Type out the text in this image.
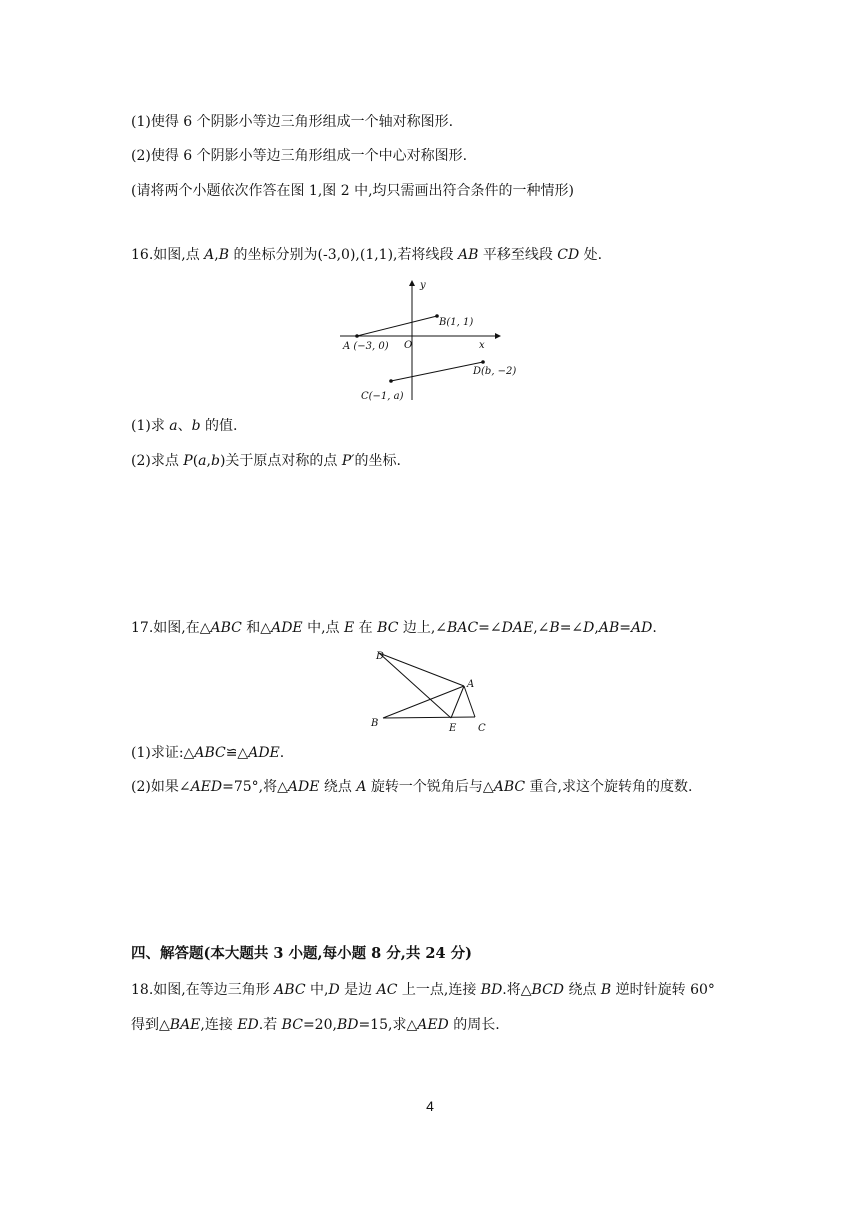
(1)使得 6 个阴影小等边三角形组成一个轴对称图形.

(2)使得 6 个阴影小等边三角形组成一个中心对称图形.

(请将两个小题依次作答在图 1,图 2 中,均只需画出符合条件的一种情形)

16.如图,点 A,B 的坐标分别为(-3,0),(1,1),若将线段 AB 平移至线段 CD 处.

y
x
O
A (−3, 0)
B(1, 1)
C(−1, a)
D(b, −2)

(1)求 a、b 的值.

(2)求点 P(a,b)关于原点对称的点 P′的坐标.

17.如图,在△ABC 和△ADE 中,点 E 在 BC 边上,∠BAC=∠DAE,∠B=∠D,AB=AD.

D
A
B	E C

(1)求证:△ABC≌△ADE.

(2)如果∠AED=75°,将△ADE 绕点 A 旋转一个锐角后与△ABC 重合,求这个旋转角的度数.

四、解答题(本大题共 3 小题,每小题 8 分,共 24 分)

18.如图,在等边三角形 ABC 中,D 是边 AC 上一点,连接 BD.将△BCD 绕点 B 逆时针旋转 60°

得到△BAE,连接 ED.若 BC=20,BD=15,求△AED 的周长.

4
